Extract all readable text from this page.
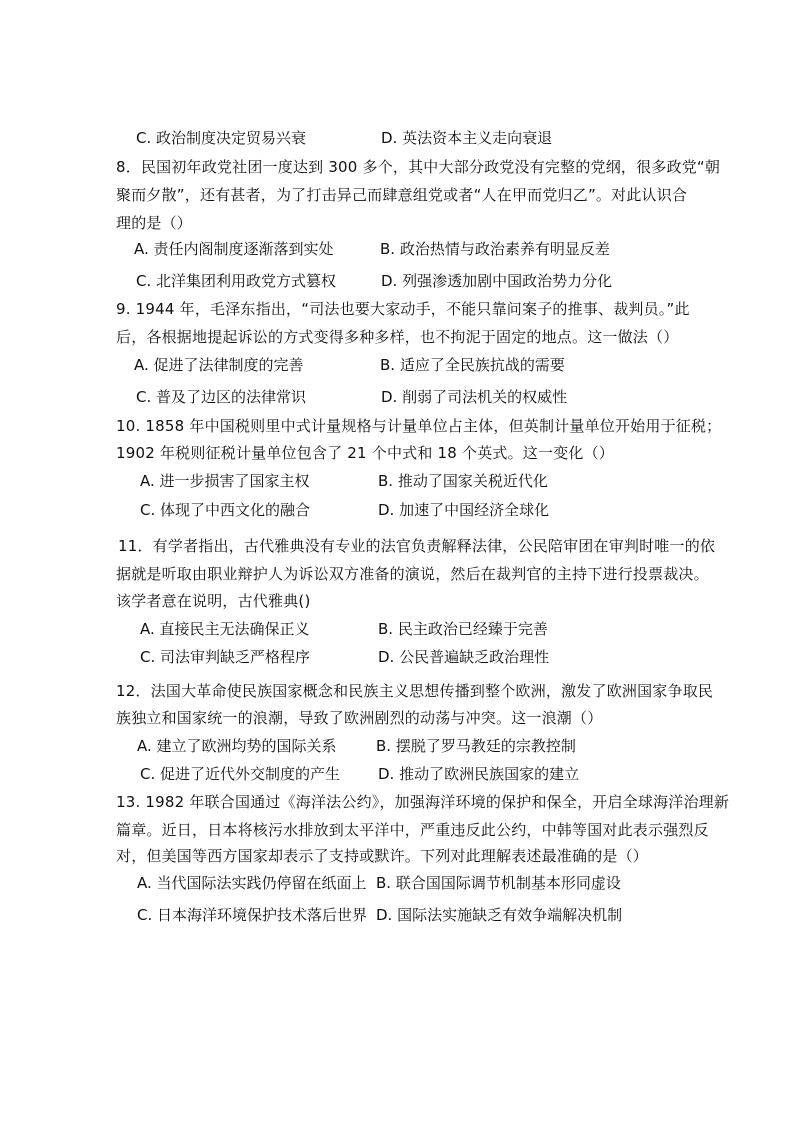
C. 政治制度决定贸易兴衰	D. 英法资本主义走向衰退
8．民国初年政党社团一度达到 300 多个，其中大部分政党没有完整的党纲，很多政党“朝
聚而夕散”，还有甚者，为了打击异己而肆意组党或者“人在甲而党归乙”。对此认识合
理的是（）
A. 责任内阁制度逐渐落到实处	B. 政治热情与政治素养有明显反差
C. 北洋集团利用政党方式篡权	D. 列强渗透加剧中国政治势力分化
9. 1944 年，毛泽东指出，“司法也要大家动手，不能只靠问案子的推事、裁判员。”此
后，各根据地提起诉讼的方式变得多种多样，也不拘泥于固定的地点。这一做法（）
A. 促进了法律制度的完善	B. 适应了全民族抗战的需要
C. 普及了边区的法律常识	D. 削弱了司法机关的权威性
10. 1858 年中国税则里中式计量规格与计量单位占主体，但英制计量单位开始用于征税；
1902 年税则征税计量单位包含了 21 个中式和 18 个英式。这一变化（）
A. 进一步损害了国家主权	B. 推动了国家关税近代化
C. 体现了中西文化的融合	D. 加速了中国经济全球化
11．有学者指出，古代雅典没有专业的法官负责解释法律，公民陪审团在审判时唯一的依
据就是听取由职业辩护人为诉讼双方准备的演说，然后在裁判官的主持下进行投票裁决。
该学者意在说明，古代雅典()
A. 直接民主无法确保正义	B. 民主政治已经臻于完善
C. 司法审判缺乏严格程序	D. 公民普遍缺乏政治理性
12．法国大革命使民族国家概念和民族主义思想传播到整个欧洲，激发了欧洲国家争取民
族独立和国家统一的浪潮，导致了欧洲剧烈的动荡与冲突。这一浪潮（）
A. 建立了欧洲均势的国际关系	B. 摆脱了罗马教廷的宗教控制
C. 促进了近代外交制度的产生	D. 推动了欧洲民族国家的建立
13. 1982 年联合国通过《海洋法公约》，加强海洋环境的保护和保全，开启全球海洋治理新
篇章。近日，日本将核污水排放到太平洋中，严重违反此公约，中韩等国对此表示强烈反
对，但美国等西方国家却表示了支持或默许。下列对此理解表述最准确的是（）
A. 当代国际法实践仍停留在纸面上 B. 联合国国际调节机制基本形同虚设
C. 日本海洋环境保护技术落后世界 D. 国际法实施缺乏有效争端解决机制
